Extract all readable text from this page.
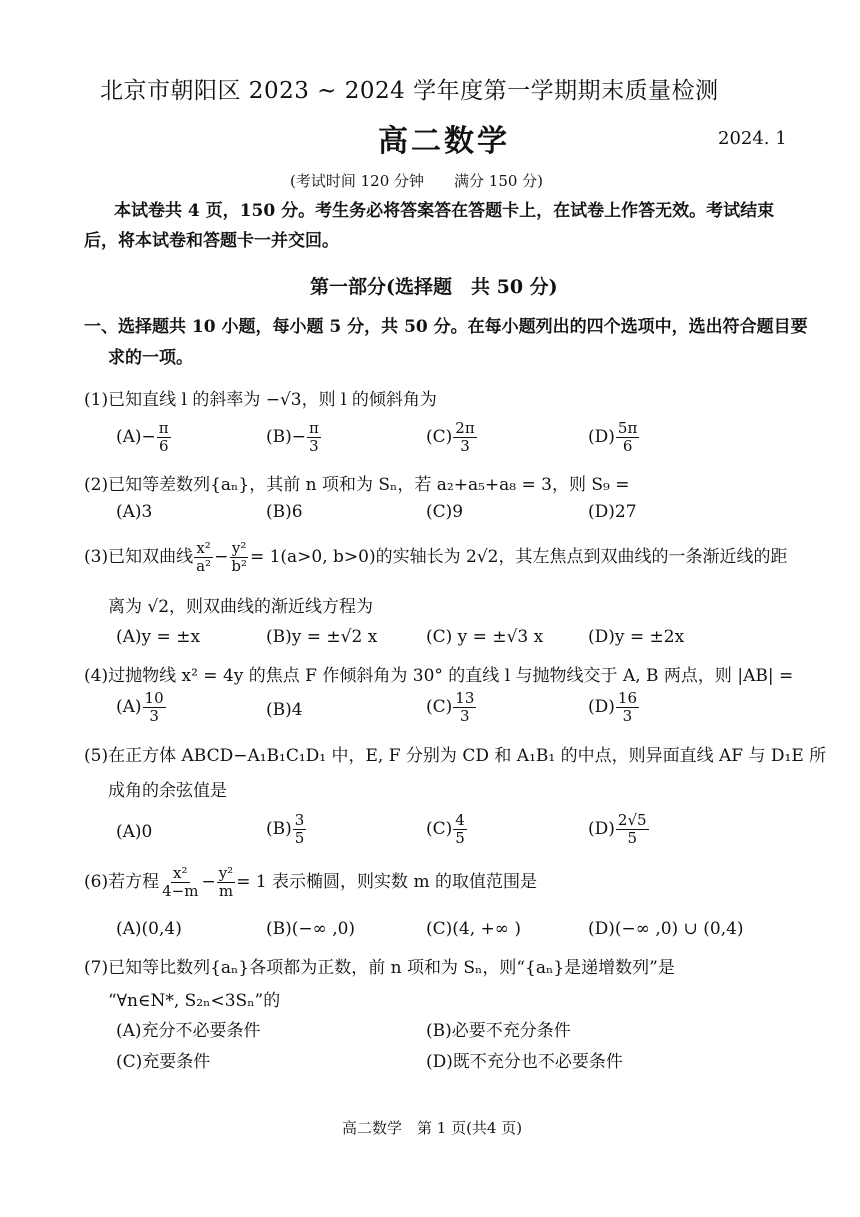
北京市朝阳区 2023 ~ 2024 学年度第一学期期末质量检测
高二数学	2024. 1
(考试时间 120 分钟　　满分 150 分)
本试卷共 4 页，150 分。考生务必将答案答在答题卡上，在试卷上作答无效。考试结束
后，将本试卷和答题卡一并交回。
第一部分(选择题　共 50 分)
一、选择题共 10 小题，每小题 5 分，共 50 分。在每小题列出的四个选项中，选出符合题目要
求的一项。
(1)已知直线 l 的斜率为 −√3，则 l 的倾斜角为
$(A)- \frac{\pi}{6}$	$(B)- \frac{\pi}{3}$	$(C) \frac{2\pi}{3}$	$(D) \frac{5\pi}{6}$
(2)已知等差数列{aₙ}，其前 n 项和为 Sₙ，若 a₂+a₅+a₈ = 3，则 S₉ =
(A)3	(B)6	(C)9	(D)27
(3)已知双曲线 $\frac{\text{x²}}{\text{a²}} - \frac{\text{y²}}{\text{b²}} = 1(a>0$, b>0)的实轴长为 2√2，其左焦点到双曲线的一条渐近线的距
离为 √2，则双曲线的渐近线方程为
(A)y = ±x	(B)y = ±√2 x	(C) y = ±√3 x	(D)y = ±2x
(4)过抛物线 x² = 4y 的焦点 F 作倾斜角为 30° 的直线 l 与抛物线交于 A, B 两点，则 |AB| =
$(A) \frac{10}{3}$	(B)4	$(C) \frac{13}{3}$	$(D) \frac{16}{3}$
(5)在正方体 ABCD−A₁B₁C₁D₁ 中，E, F 分别为 CD 和 A₁B₁ 的中点，则异面直线 AF 与 D₁E 所
成角的余弦值是
(A)0	$(B) \frac{3}{5}$	$(C) \frac{4}{5}$	$(D) \frac{2√5}{5}$
(6)若方程 $\frac{\text{x²}}{4-m} - \frac{\text{y²}}{m} = 1$ 表示椭圆，则实数 m 的取值范围是
(A)(0,4)	(B)(−∞ ,0)	(C)(4, +∞ )	(D)(−∞ ,0) ∪ (0,4)
(7)已知等比数列{aₙ}各项都为正数，前 n 项和为 Sₙ，则“{aₙ}是递增数列”是
“∀n∈N*, S₂ₙ<3Sₙ”的
(A)充分不必要条件	(B)必要不充分条件
(C)充要条件	(D)既不充分也不必要条件
高二数学　第 1 页(共4 页)
